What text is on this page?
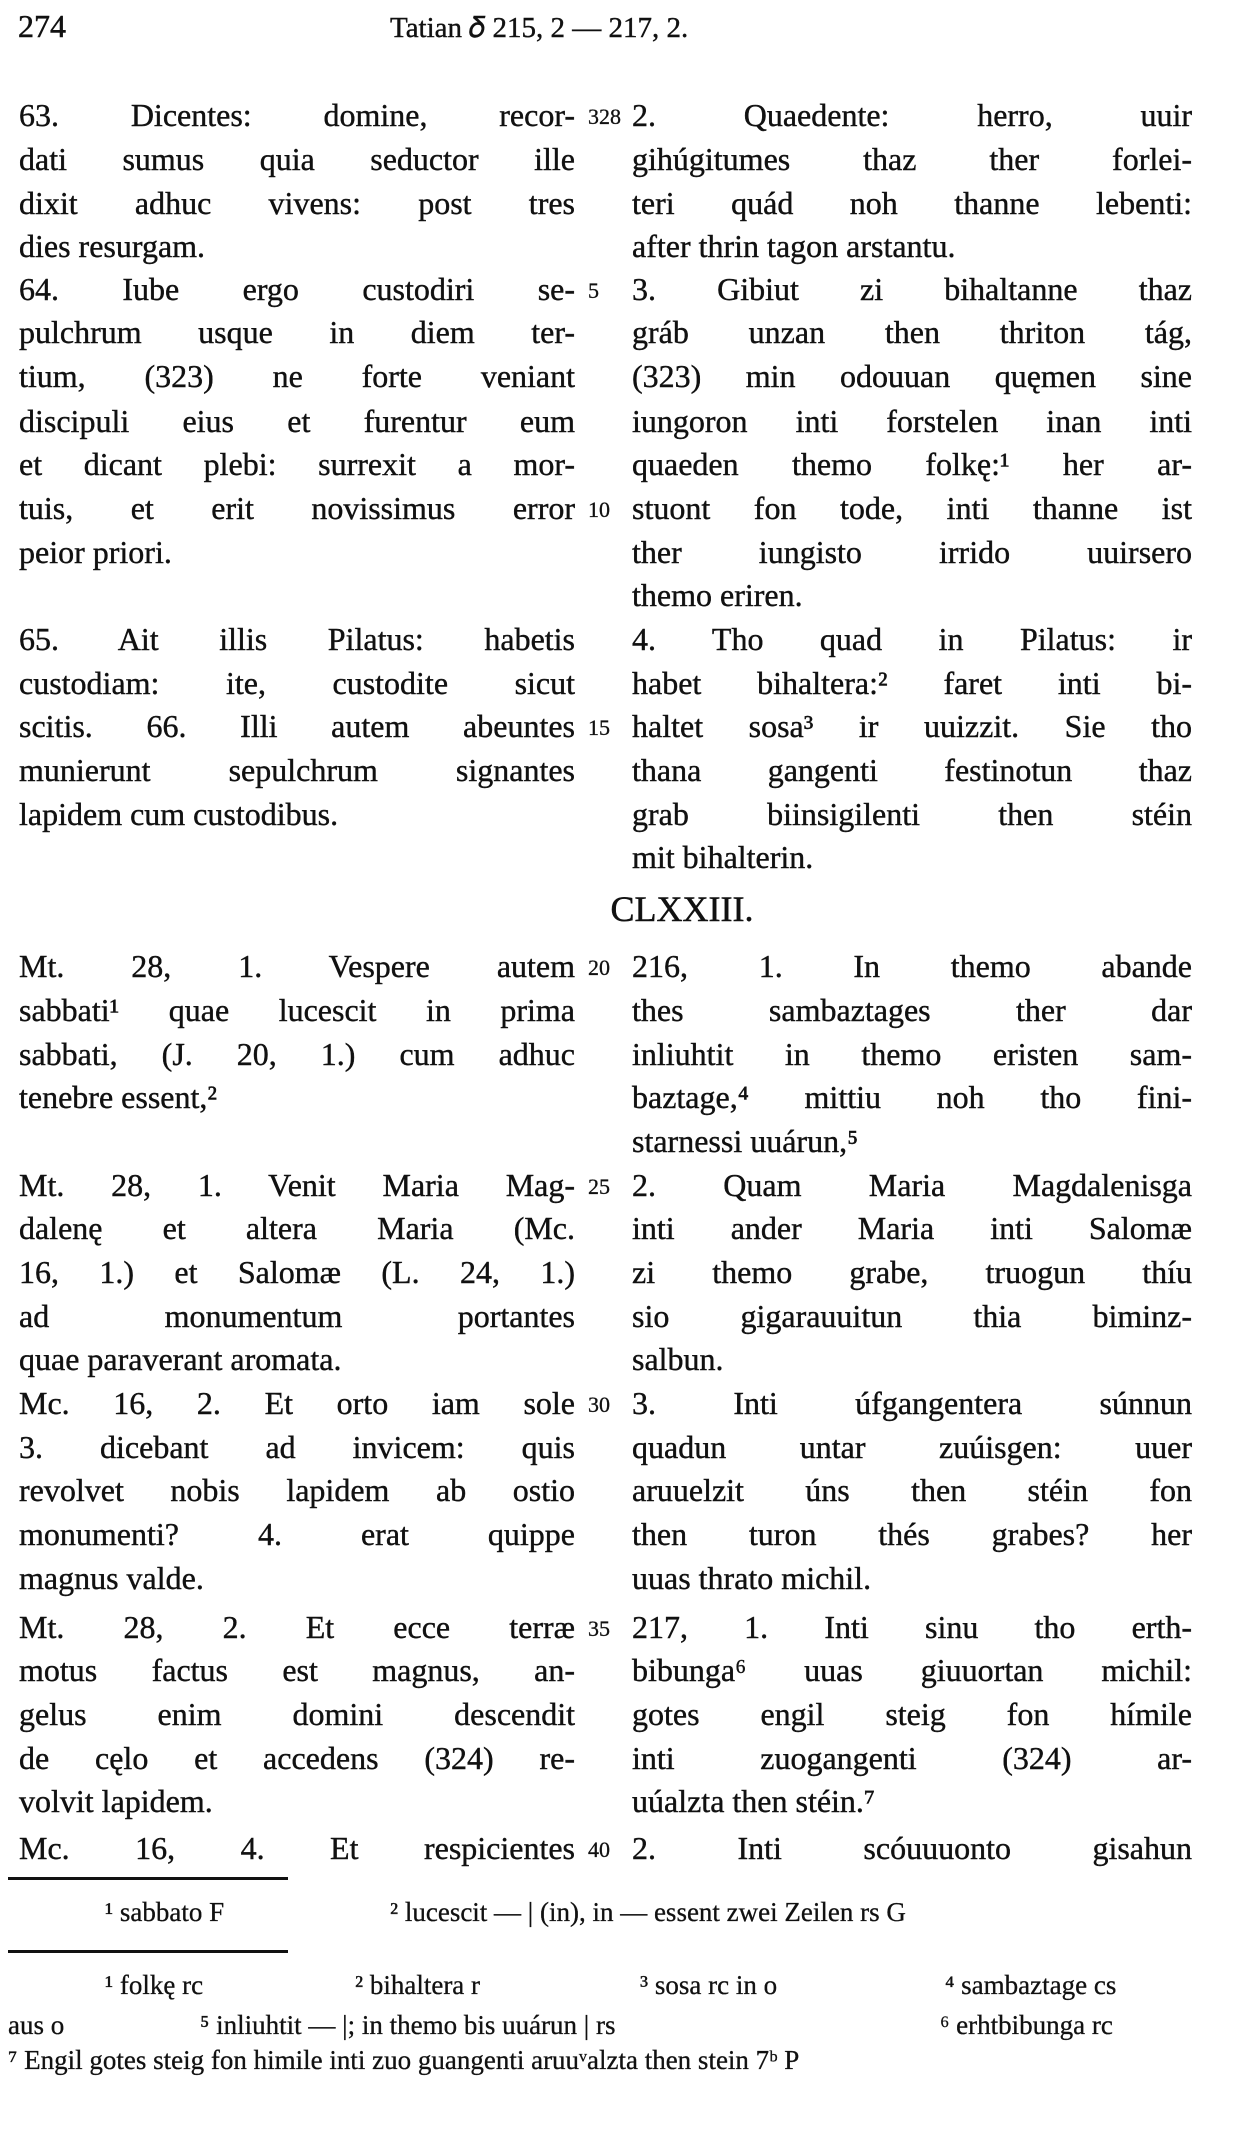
274	Tatian 𝛿 215, 2 — 217, 2.
CLXXIII.
63. Dicentes: domine, recor-
dati sumus quia seductor ille
dixit adhuc vivens: post tres
dies resurgam.
64. Iube ergo custodiri se-
pulchrum usque in diem ter-
tium, (323) ne forte veniant
discipuli eius et furentur eum
et dicant plebi: surrexit a mor-
tuis, et erit novissimus error
peior priori.
65. Ait illis Pilatus: habetis
custodiam: ite, custodite sicut
scitis. 66. Illi autem abeuntes
munierunt sepulchrum signantes
lapidem cum custodibus.
Mt. 28, 1. Vespere autem
sabbati¹ quae lucescit in prima
sabbati, (J. 20, 1.) cum adhuc
tenebre essent,²
Mt. 28, 1. Venit Maria Mag-
dalenę et altera Maria (Mc.
16, 1.) et Salomæ (L. 24, 1.)
ad monumentum portantes
quae paraverant aromata.
Mc. 16, 2. Et orto iam sole
3. dicebant ad invicem: quis
revolvet nobis lapidem ab ostio
monumenti? 4. erat quippe
magnus valde.
Mt. 28, 2. Et ecce terræ
motus factus est magnus, an-
gelus enim domini descendit
de cęlo et accedens (324) re-
volvit lapidem.
Mc. 16, 4. Et respicientes
2. Quaedente: herro, uuir
gihúgitumes thaz ther forlei-
teri quád noh thanne lebenti:
after thrin tagon arstantu.
3. Gibiut zi bihaltanne thaz
gráb unzan then thriton tág,
(323) min odouuan quęmen sine
iungoron inti forstelen inan inti
quaeden themo folkę:¹ her ar-
stuont fon tode, inti thanne ist
ther iungisto irrido uuirsero
themo eriren.
4. Tho quad in Pilatus: ir
habet bihaltera:² faret inti bi-
haltet sosa³ ir uuizzit. Sie tho
thana gangenti festinotun thaz
grab biinsigilenti then stéin
mit bihalterin.
216, 1. In themo abande
thes sambaztages ther dar
inliuhtit in themo eristen sam-
baztage,⁴ mittiu noh tho fini-
starnessi uuárun,⁵
2. Quam Maria Magdalenisga
inti ander Maria inti Salomæ
zi themo grabe, truogun thíu
sio gigarauuitun thia biminz-
salbun.
3. Inti úfgangentera súnnun
quadun untar zuúisgen: uuer
aruuelzit úns then stéin fon
then turon thés grabes? her
uuas thrato michil.
217, 1. Inti sinu tho erth-
bibunga⁶ uuas giuuortan michil:
gotes engil steig fon hímile
inti zuogangenti (324) ar-
uúalzta then stéin.⁷
2. Inti scóuuuonto gisahun
328
5
10
15
20
25
30
35
40
¹ sabbato F	² lucescit — | (in), in — essent zwei Zeilen rs G
¹ folkę rc	² bihaltera r	³ sosa rc in o	⁴ sambaztage cs
aus o	⁵ inliuhtit — |; in themo bis uuárun | rs	⁶ erhtbibunga rc
⁷ Engil gotes steig fon himile inti zuo guangenti aruuᵛalzta then stein 7ᵇ P
